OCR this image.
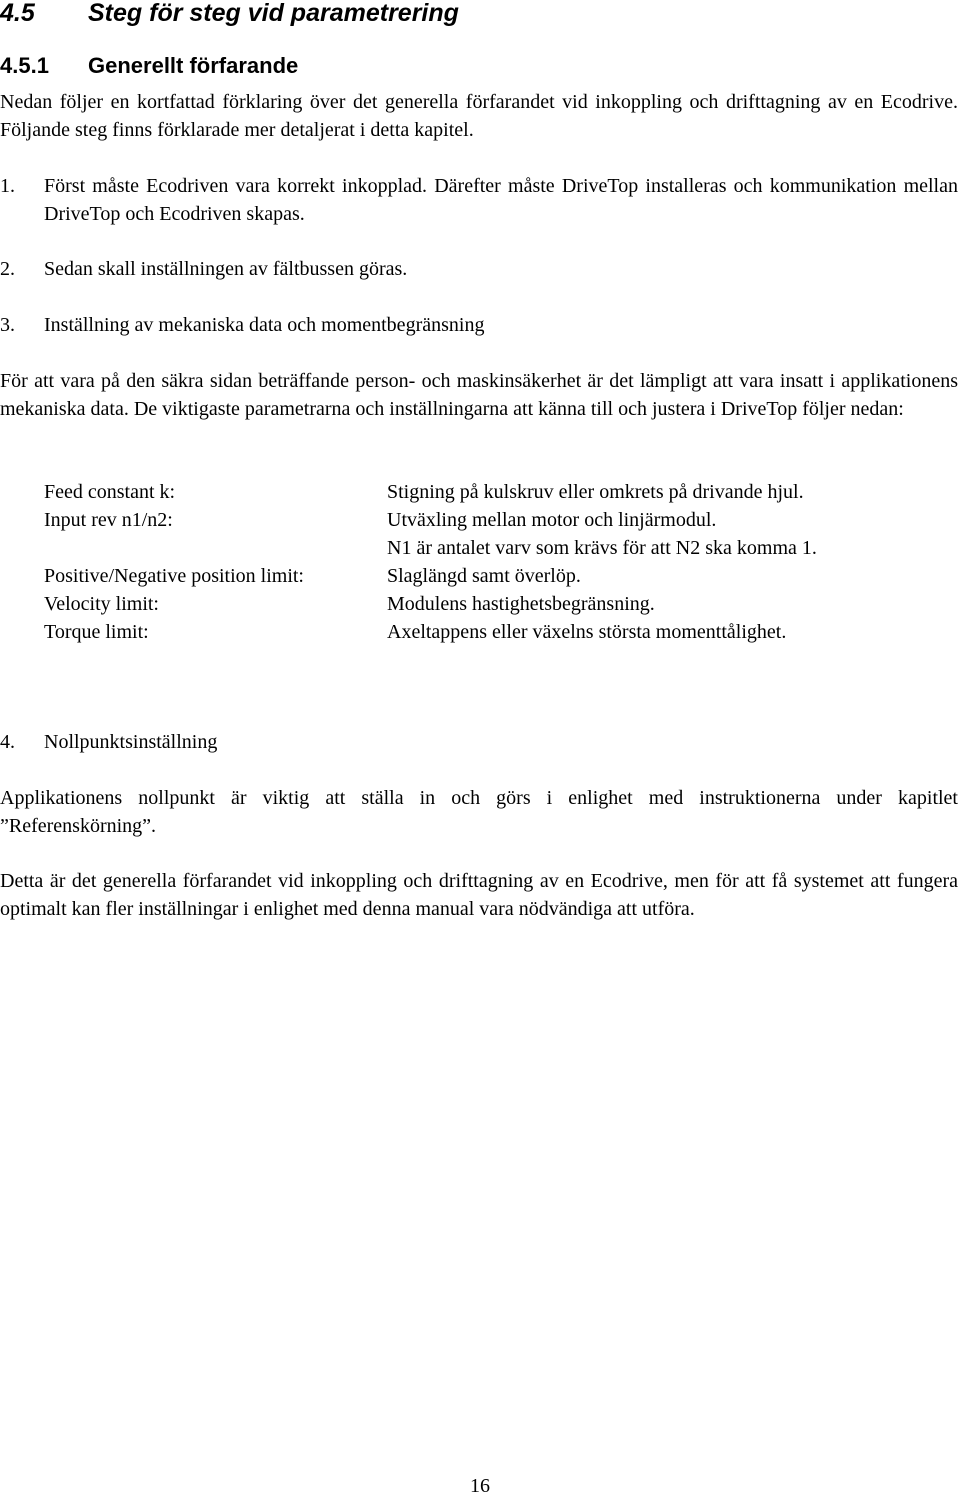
4.5 Steg för steg vid parametrering
4.5.1 Generellt förfarande
Nedan följer en kortfattad förklaring över det generella förfarandet vid inkoppling och drifttagning av en Ecodrive. Följande steg finns förklarade mer detaljerat i detta kapitel.
1.	Först måste Ecodriven vara korrekt inkopplad. Därefter måste DriveTop installeras och kommunikation mellan DriveTop och Ecodriven skapas.
2.	Sedan skall inställningen av fältbussen göras.
3.	Inställning av mekaniska data och momentbegränsning
För att vara på den säkra sidan beträffande person- och maskinsäkerhet är det lämpligt att vara insatt i applikationens mekaniska data. De viktigaste parametrarna och inställningarna att känna till och justera i DriveTop följer nedan:
Feed constant k:	Stigning på kulskruv eller omkrets på drivande hjul.
Input rev n1/n2:	Utväxling mellan motor och linjärmodul.
N1 är antalet varv som krävs för att N2 ska komma 1.
Positive/Negative position limit:	Slaglängd samt överlöp.
Velocity limit:	Modulens hastighetsbegränsning.
Torque limit:	Axeltappens eller växelns största momenttålighet.
4.	Nollpunktsinställning
Applikationens nollpunkt är viktig att ställa in och görs i enlighet med instruktionerna under kapitlet ”Referenskörning”.
Detta är det generella förfarandet vid inkoppling och drifttagning av en Ecodrive, men för att få systemet att fungera optimalt kan fler inställningar i enlighet med denna manual vara nödvändiga att utföra.
16
